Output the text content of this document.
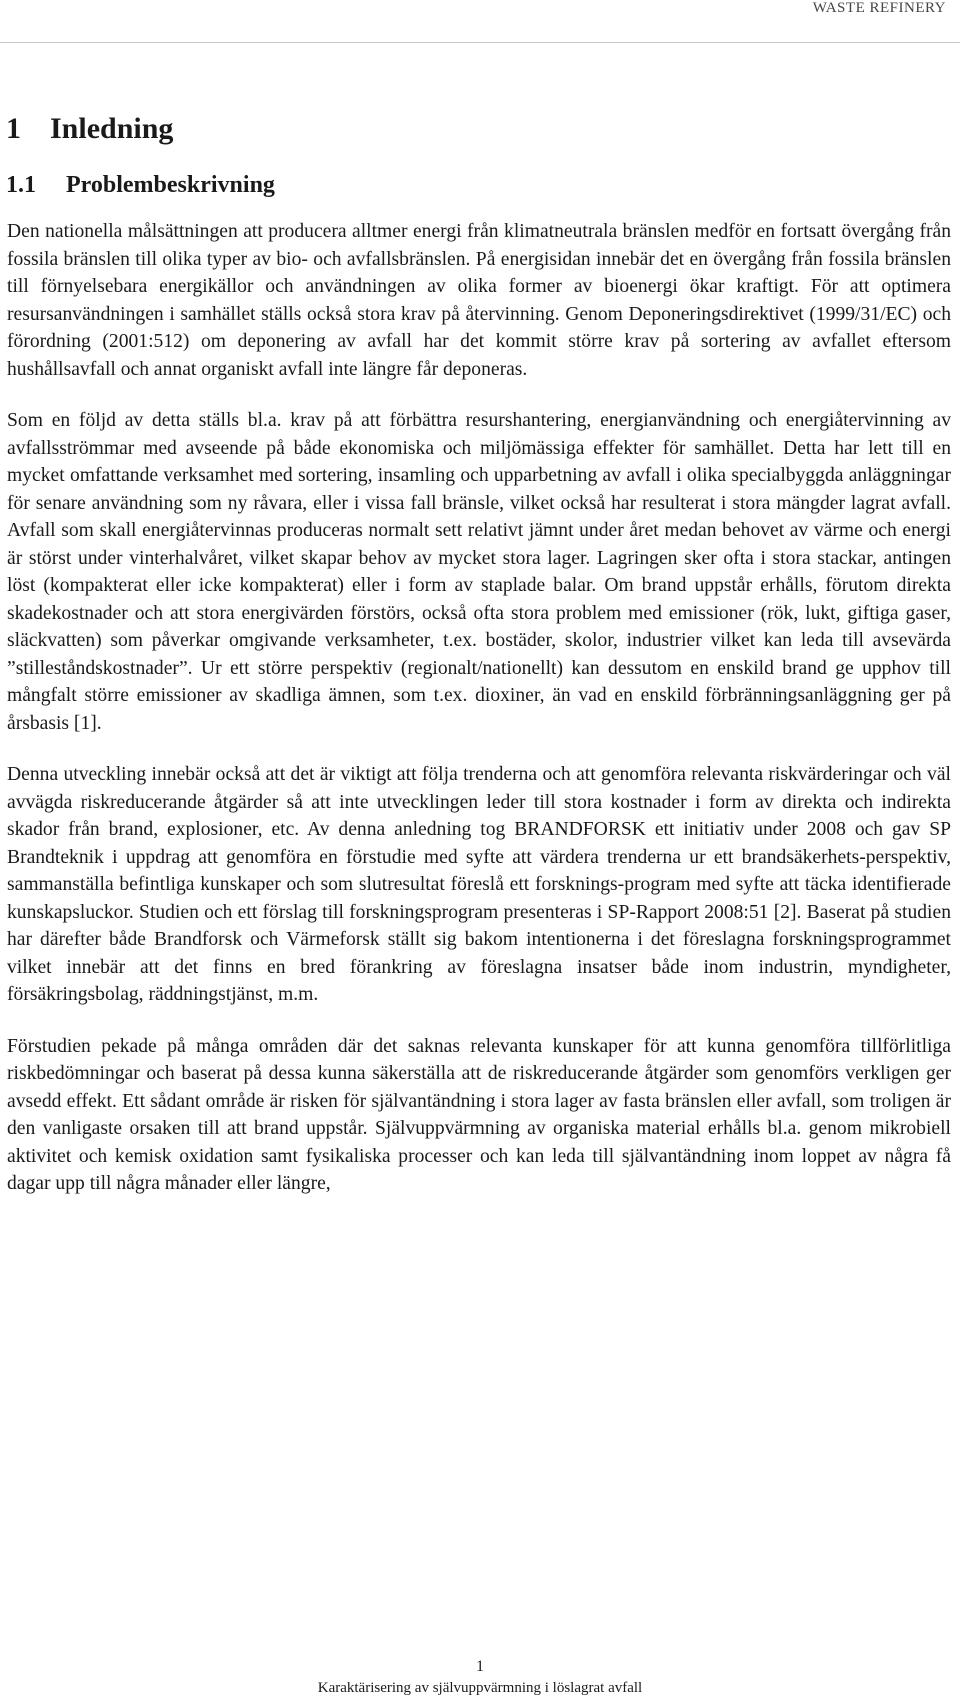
WASTE REFINERY
1 Inledning
1.1 Problembeskrivning

Den nationella målsättningen att producera alltmer energi från klimatneutrala bränslen medför en fortsatt övergång från fossila bränslen till olika typer av bio- och avfallsbränslen. På energisidan innebär det en övergång från fossila bränslen till förnyelsebara energikällor och användningen av olika former av bioenergi ökar kraftigt. För att optimera resursanvändningen i samhället ställs också stora krav på återvinning. Genom Deponeringsdirektivet (1999/31/EC) och förordning (2001:512) om deponering av avfall har det kommit större krav på sortering av avfallet eftersom hushållsavfall och annat organiskt avfall inte längre får deponeras.

Som en följd av detta ställs bl.a. krav på att förbättra resurshantering, energianvändning och energiåtervinning av avfallsströmmar med avseende på både ekonomiska och miljömässiga effekter för samhället. Detta har lett till en mycket omfattande verksamhet med sortering, insamling och upparbetning av avfall i olika specialbyggda anläggningar för senare användning som ny råvara, eller i vissa fall bränsle, vilket också har resulterat i stora mängder lagrat avfall. Avfall som skall energiåtervinnas produceras normalt sett relativt jämnt under året medan behovet av värme och energi är störst under vinterhalvåret, vilket skapar behov av mycket stora lager. Lagringen sker ofta i stora stackar, antingen löst (kompakterat eller icke kompakterat) eller i form av staplade balar. Om brand uppstår erhålls, förutom direkta skadekostnader och att stora energivärden förstörs, också ofta stora problem med emissioner (rök, lukt, giftiga gaser, släckvatten) som påverkar omgivande verksamheter, t.ex. bostäder, skolor, industrier vilket kan leda till avsevärda ”stilleståndskostnader”. Ur ett större perspektiv (regionalt/nationellt) kan dessutom en enskild brand ge upphov till mångfalt större emissioner av skadliga ämnen, som t.ex. dioxiner, än vad en enskild förbränningsanläggning ger på årsbasis [1].

Denna utveckling innebär också att det är viktigt att följa trenderna och att genomföra relevanta riskvärderingar och väl avvägda riskreducerande åtgärder så att inte utvecklingen leder till stora kostnader i form av direkta och indirekta skador från brand, explosioner, etc. Av denna anledning tog BRANDFORSK ett initiativ under 2008 och gav SP Brandteknik i uppdrag att genomföra en förstudie med syfte att värdera trenderna ur ett brandsäkerhets-perspektiv, sammanställa befintliga kunskaper och som slutresultat föreslå ett forsknings-program med syfte att täcka identifierade kunskapsluckor. Studien och ett förslag till forskningsprogram presenteras i SP-Rapport 2008:51 [2]. Baserat på studien har därefter både Brandforsk och Värmeforsk ställt sig bakom intentionerna i det föreslagna forskningsprogrammet vilket innebär att det finns en bred förankring av föreslagna insatser både inom industrin, myndigheter, försäkringsbolag, räddningstjänst, m.m.

Förstudien pekade på många områden där det saknas relevanta kunskaper för att kunna genomföra tillförlitliga riskbedömningar och baserat på dessa kunna säkerställa att de riskreducerande åtgärder som genomförs verkligen ger avsedd effekt. Ett sådant område är risken för självantändning i stora lager av fasta bränslen eller avfall, som troligen är den vanligaste orsaken till att brand uppstår. Självuppvärmning av organiska material erhålls bl.a. genom mikrobiell aktivitet och kemisk oxidation samt fysikaliska processer och kan leda till självantändning inom loppet av några få dagar upp till några månader eller längre,

1
Karaktärisering av självuppvärmning i löslagrat avfall
